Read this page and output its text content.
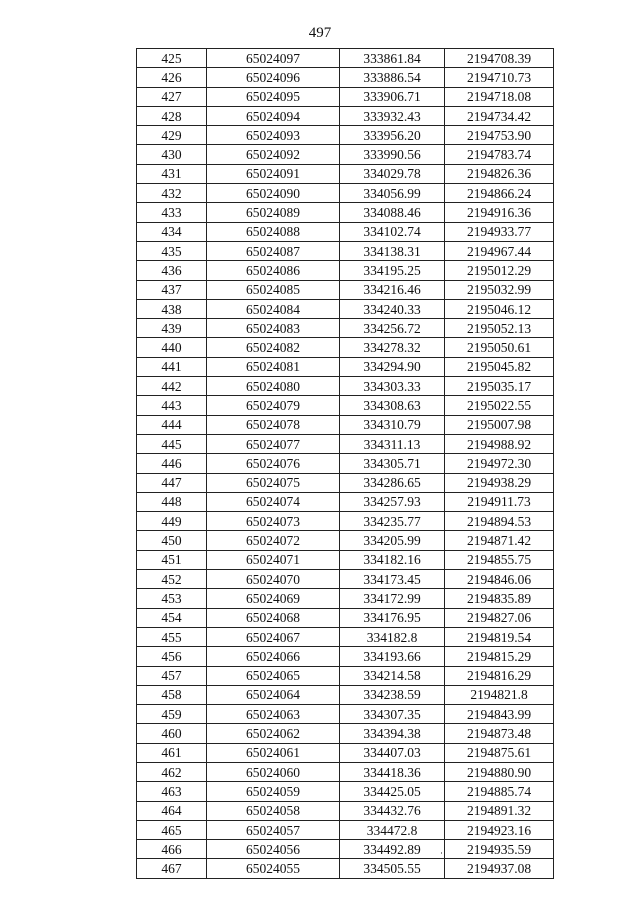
497
425	65024097	333861.84	2194708.39
426	65024096	333886.54	2194710.73
427	65024095	333906.71	2194718.08
428	65024094	333932.43	2194734.42
429	65024093	333956.20	2194753.90
430	65024092	333990.56	2194783.74
431	65024091	334029.78	2194826.36
432	65024090	334056.99	2194866.24
433	65024089	334088.46	2194916.36
434	65024088	334102.74	2194933.77
435	65024087	334138.31	2194967.44
436	65024086	334195.25	2195012.29
437	65024085	334216.46	2195032.99
438	65024084	334240.33	2195046.12
439	65024083	334256.72	2195052.13
440	65024082	334278.32	2195050.61
441	65024081	334294.90	2195045.82
442	65024080	334303.33	2195035.17
443	65024079	334308.63	2195022.55
444	65024078	334310.79	2195007.98
445	65024077	334311.13	2194988.92
446	65024076	334305.71	2194972.30
447	65024075	334286.65	2194938.29
448	65024074	334257.93	2194911.73
449	65024073	334235.77	2194894.53
450	65024072	334205.99	2194871.42
451	65024071	334182.16	2194855.75
452	65024070	334173.45	2194846.06
453	65024069	334172.99	2194835.89
454	65024068	334176.95	2194827.06
455	65024067	334182.8	2194819.54
456	65024066	334193.66	2194815.29
457	65024065	334214.58	2194816.29
458	65024064	334238.59	2194821.8
459	65024063	334307.35	2194843.99
460	65024062	334394.38	2194873.48
461	65024061	334407.03	2194875.61
462	65024060	334418.36	2194880.90
463	65024059	334425.05	2194885.74
464	65024058	334432.76	2194891.32
465	65024057	334472.8	2194923.16
466	65024056	334492.89	2194935.59
467	65024055	334505.55	2194937.08
